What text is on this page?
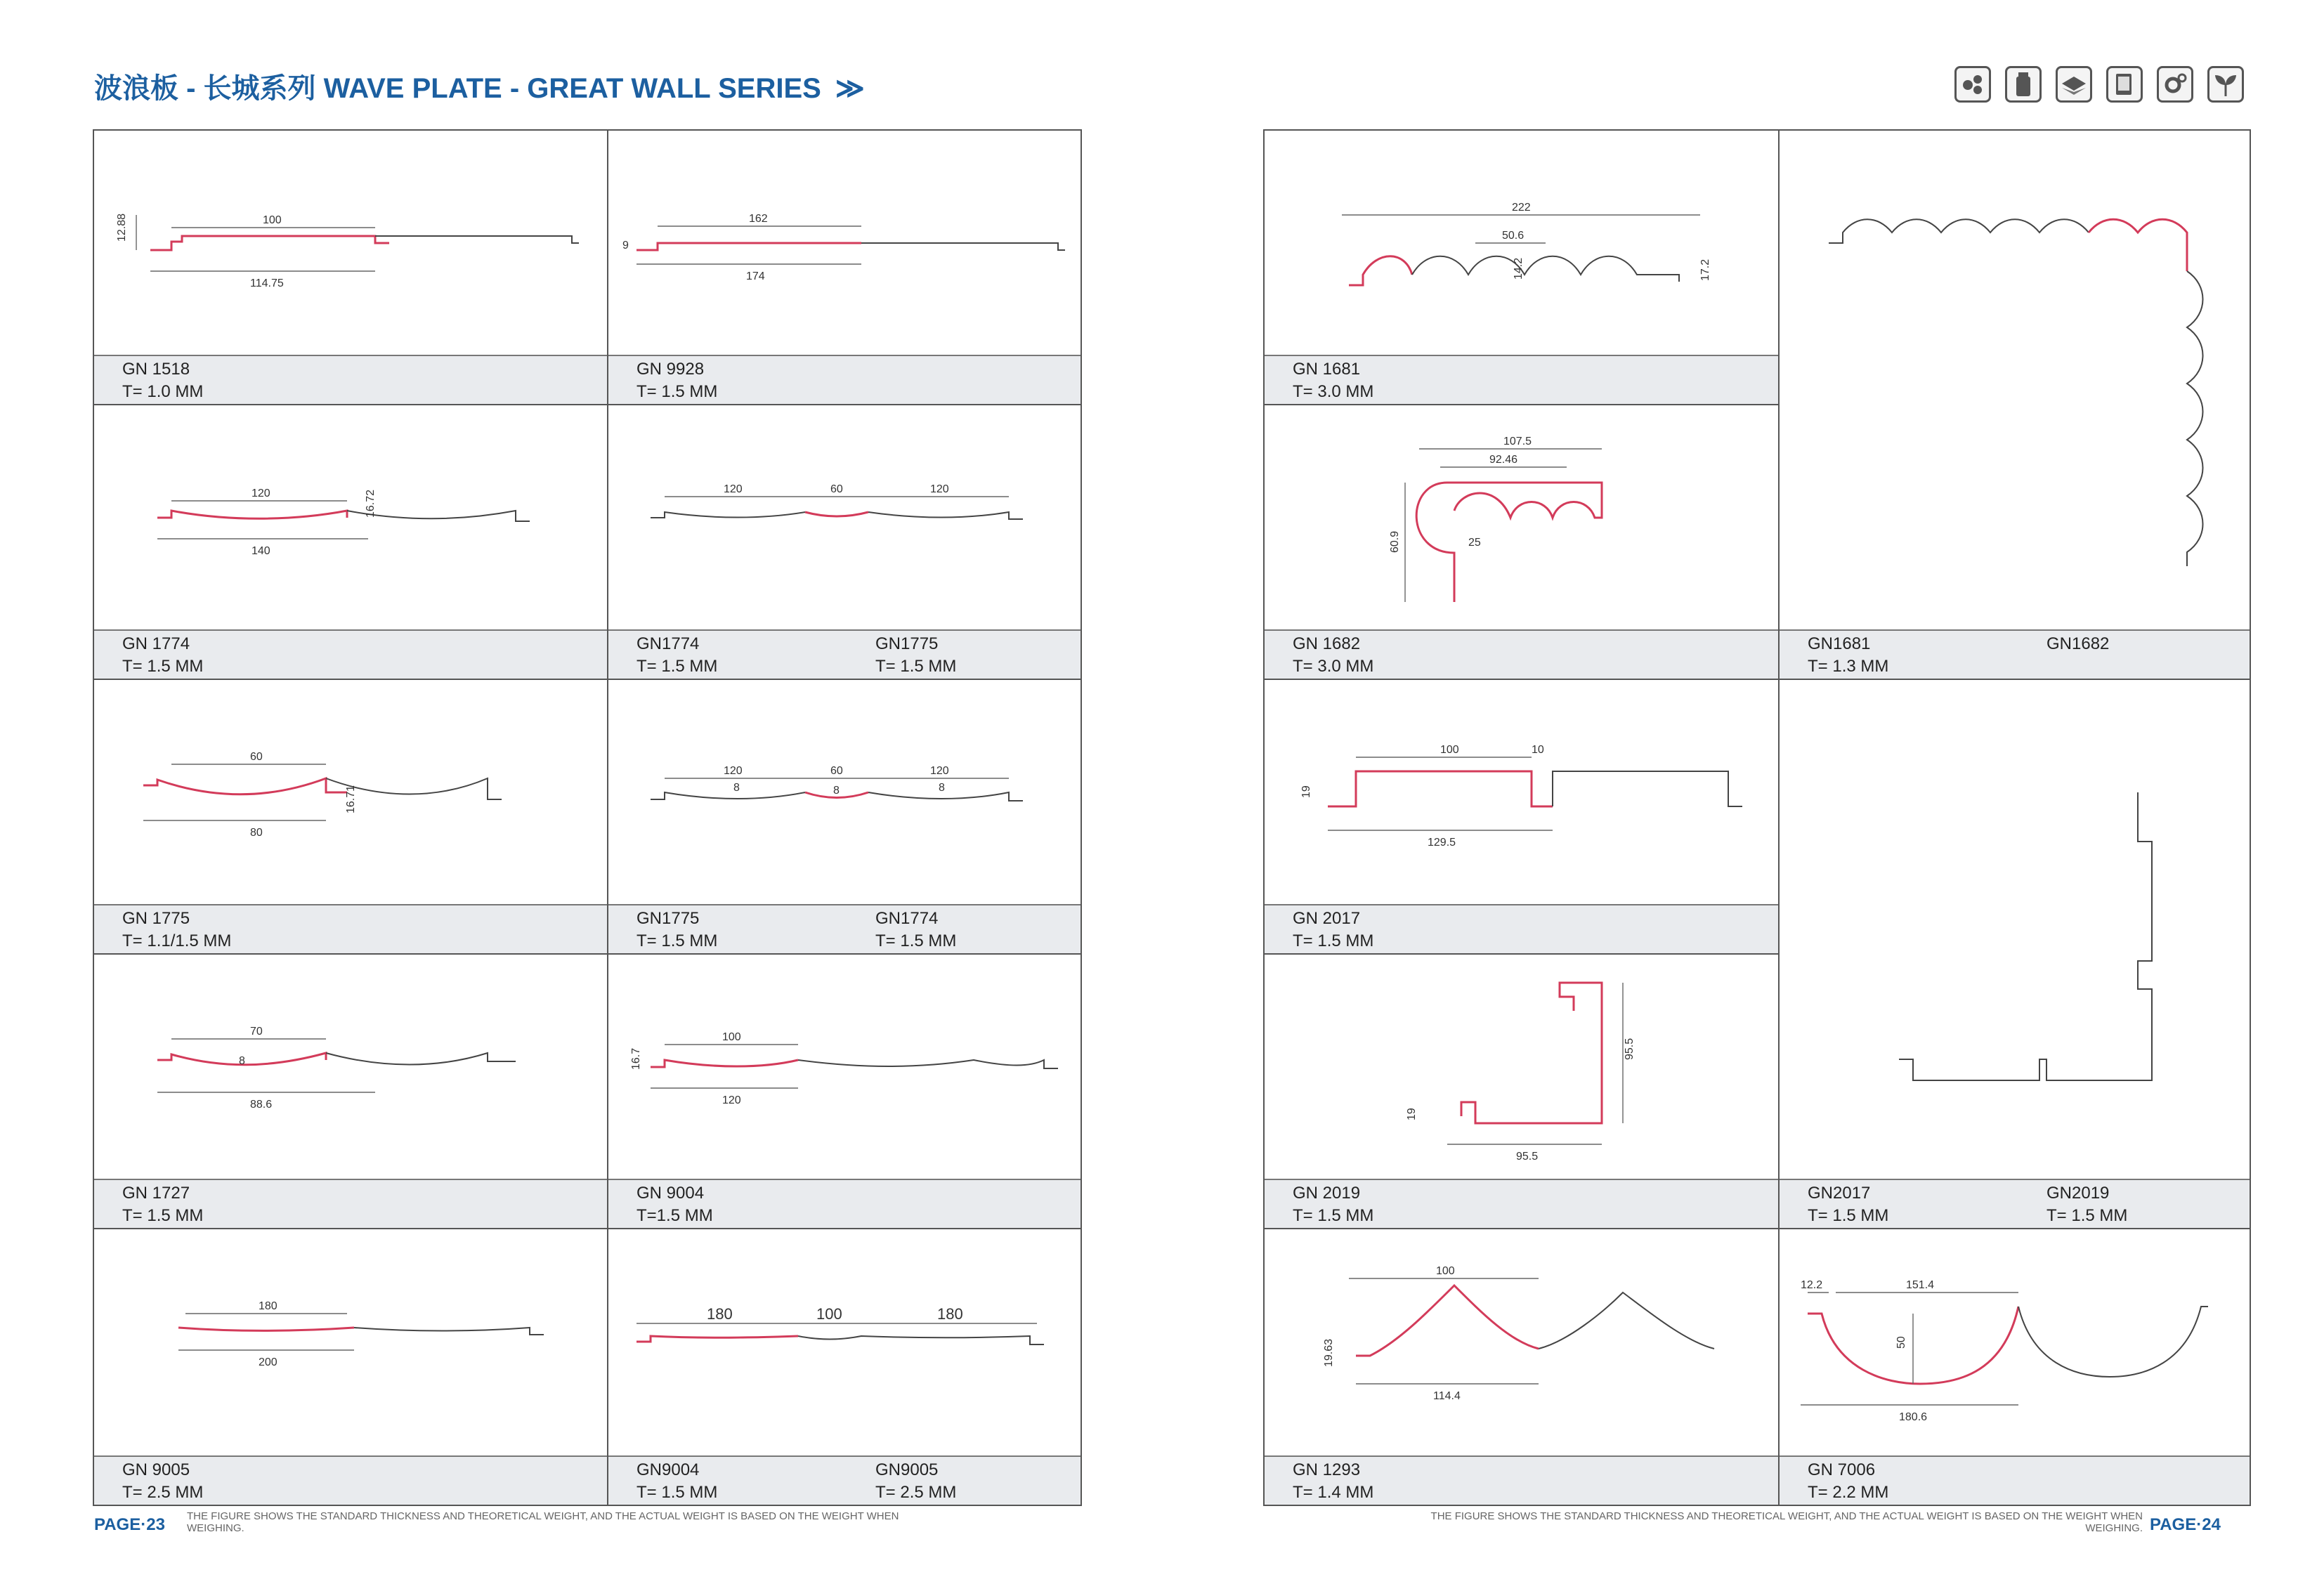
波浪板 - 长城系列 WAVE PLATE - GREAT WALL SERIES ≫
100
114.75
12.88
GN 1518
T= 1.0 MM
162
174
9
GN 9928
T= 1.5 MM
120
140
16.72
GN 1774
T= 1.5 MM
120	60	120
GN1774
T= 1.5 MM
GN1775
T= 1.5 MM
60
80
16.71
GN 1775
T= 1.1/1.5 MM
120	60	120
8	8	8
GN1775
T= 1.5 MM
GN1774
T= 1.5 MM
70
88.6
8
GN 1727
T= 1.5 MM
100
120
16.7
GN 9004
T=1.5 MM
180
200
GN 9005
T= 2.5 MM
180	100	180
GN9004
T= 1.5 MM
GN9005
T= 2.5 MM
222
50.6
14.2	17.2
GN 1681
T= 3.0 MM
GN1681
T= 1.3 MM
GN1682
107.5
92.46
60.9	25
GN 1682
T= 3.0 MM
100	10
19
129.5
GN 2017
T= 1.5 MM
GN2017
T= 1.5 MM
GN2019
T= 1.5 MM
95.5
19
95.5
GN 2019
T= 1.5 MM
100
19.63
114.4
GN 1293
T= 1.4 MM
12.2	151.4
50
180.6
GN 7006
T= 2.2 MM
PAGE·23 THE FIGURE SHOWS THE STANDARD THICKNESS AND THEORETICAL WEIGHT, AND THE ACTUAL WEIGHT IS BASED ON THE WEIGHT WHEN WEIGHING.
THE FIGURE SHOWS THE STANDARD THICKNESS AND THEORETICAL WEIGHT, AND THE ACTUAL WEIGHT IS BASED ON THE WEIGHT WHEN WEIGHING. PAGE·24
